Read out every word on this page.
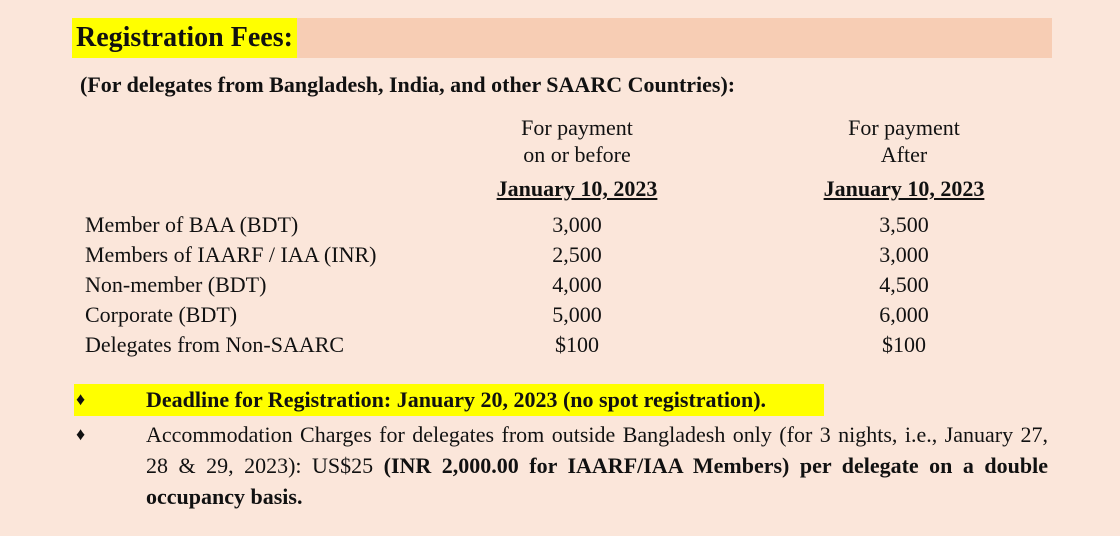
Registration Fees:
(For delegates from Bangladesh, India, and other SAARC Countries):
For payment
on or before
January 10, 2023
For payment
After
January 10, 2023
Member of BAA (BDT)	3,000	3,500
Members of IAARF / IAA (INR)	2,500	3,000
Non-member (BDT)	4,000	4,500
Corporate (BDT)	5,000	6,000
Delegates from Non-SAARC	$100	$100
Deadline for Registration: January 20, 2023 (no spot registration).
♦
♦	Accommodation Charges for delegates from outside Bangladesh only (for 3 nights, i.e., January 27, 28 & 29, 2023): US$25 (INR 2,000.00 for IAARF/IAA Members) per delegate on a double occupancy basis.
